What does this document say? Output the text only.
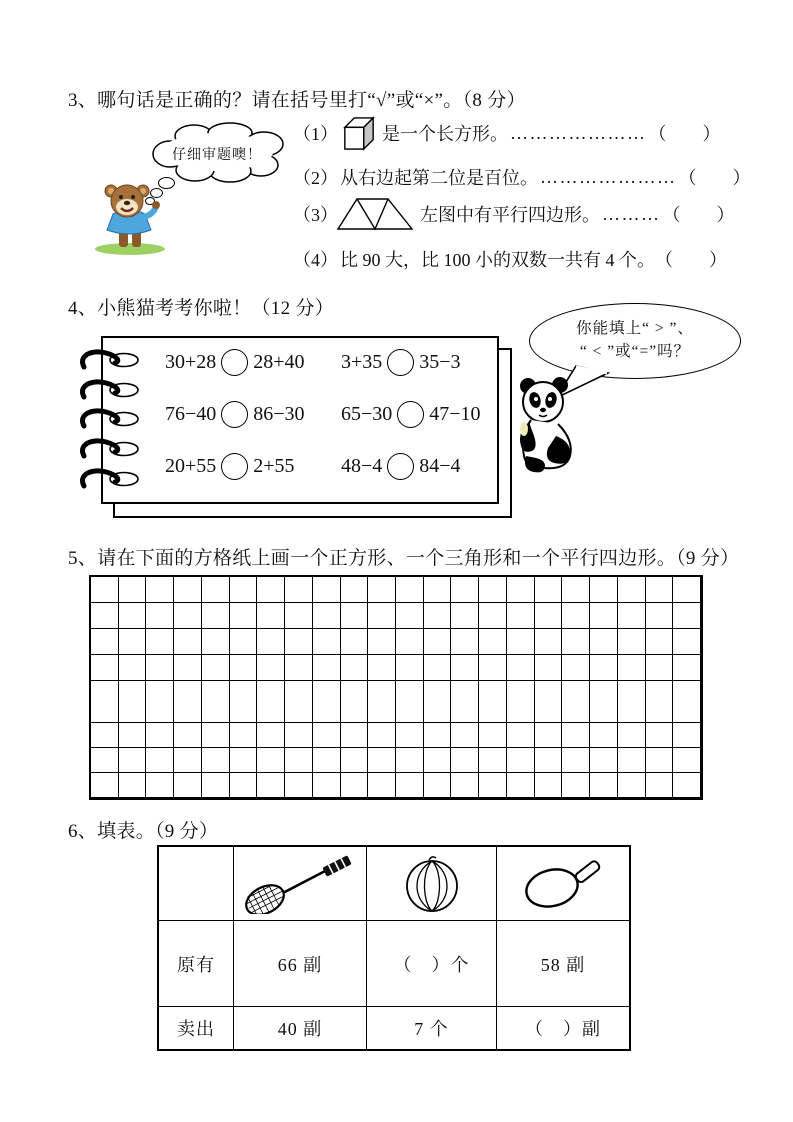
3、哪句话是正确的？请在括号里打“√”或“×”。（8 分）
仔细审题噢！
（1） 是一个长方形。 ………………… （　　）
（2） 从右边起第二位是百位。 ………………… （　　）
（3）	左图中有平行四边形。 ……… （　　）
（4） 比 90 大，比 100 小的双数一共有 4 个。 （　　）
4、小熊猫考考你啦！（12 分）
30+28 28+40 3+35 35−3
76−40 86−30 65−30 47−10
20+55 2+55 48−4 84−4
你能填上“ > ”、
“ < ”或“=”吗？
5、请在下面的方格纸上画一个正方形、一个三角形和一个平行四边形。（9 分）
6、填表。（9 分）
原有	66 副	（　）个	58 副
卖出	40 副	7 个	（　）副
